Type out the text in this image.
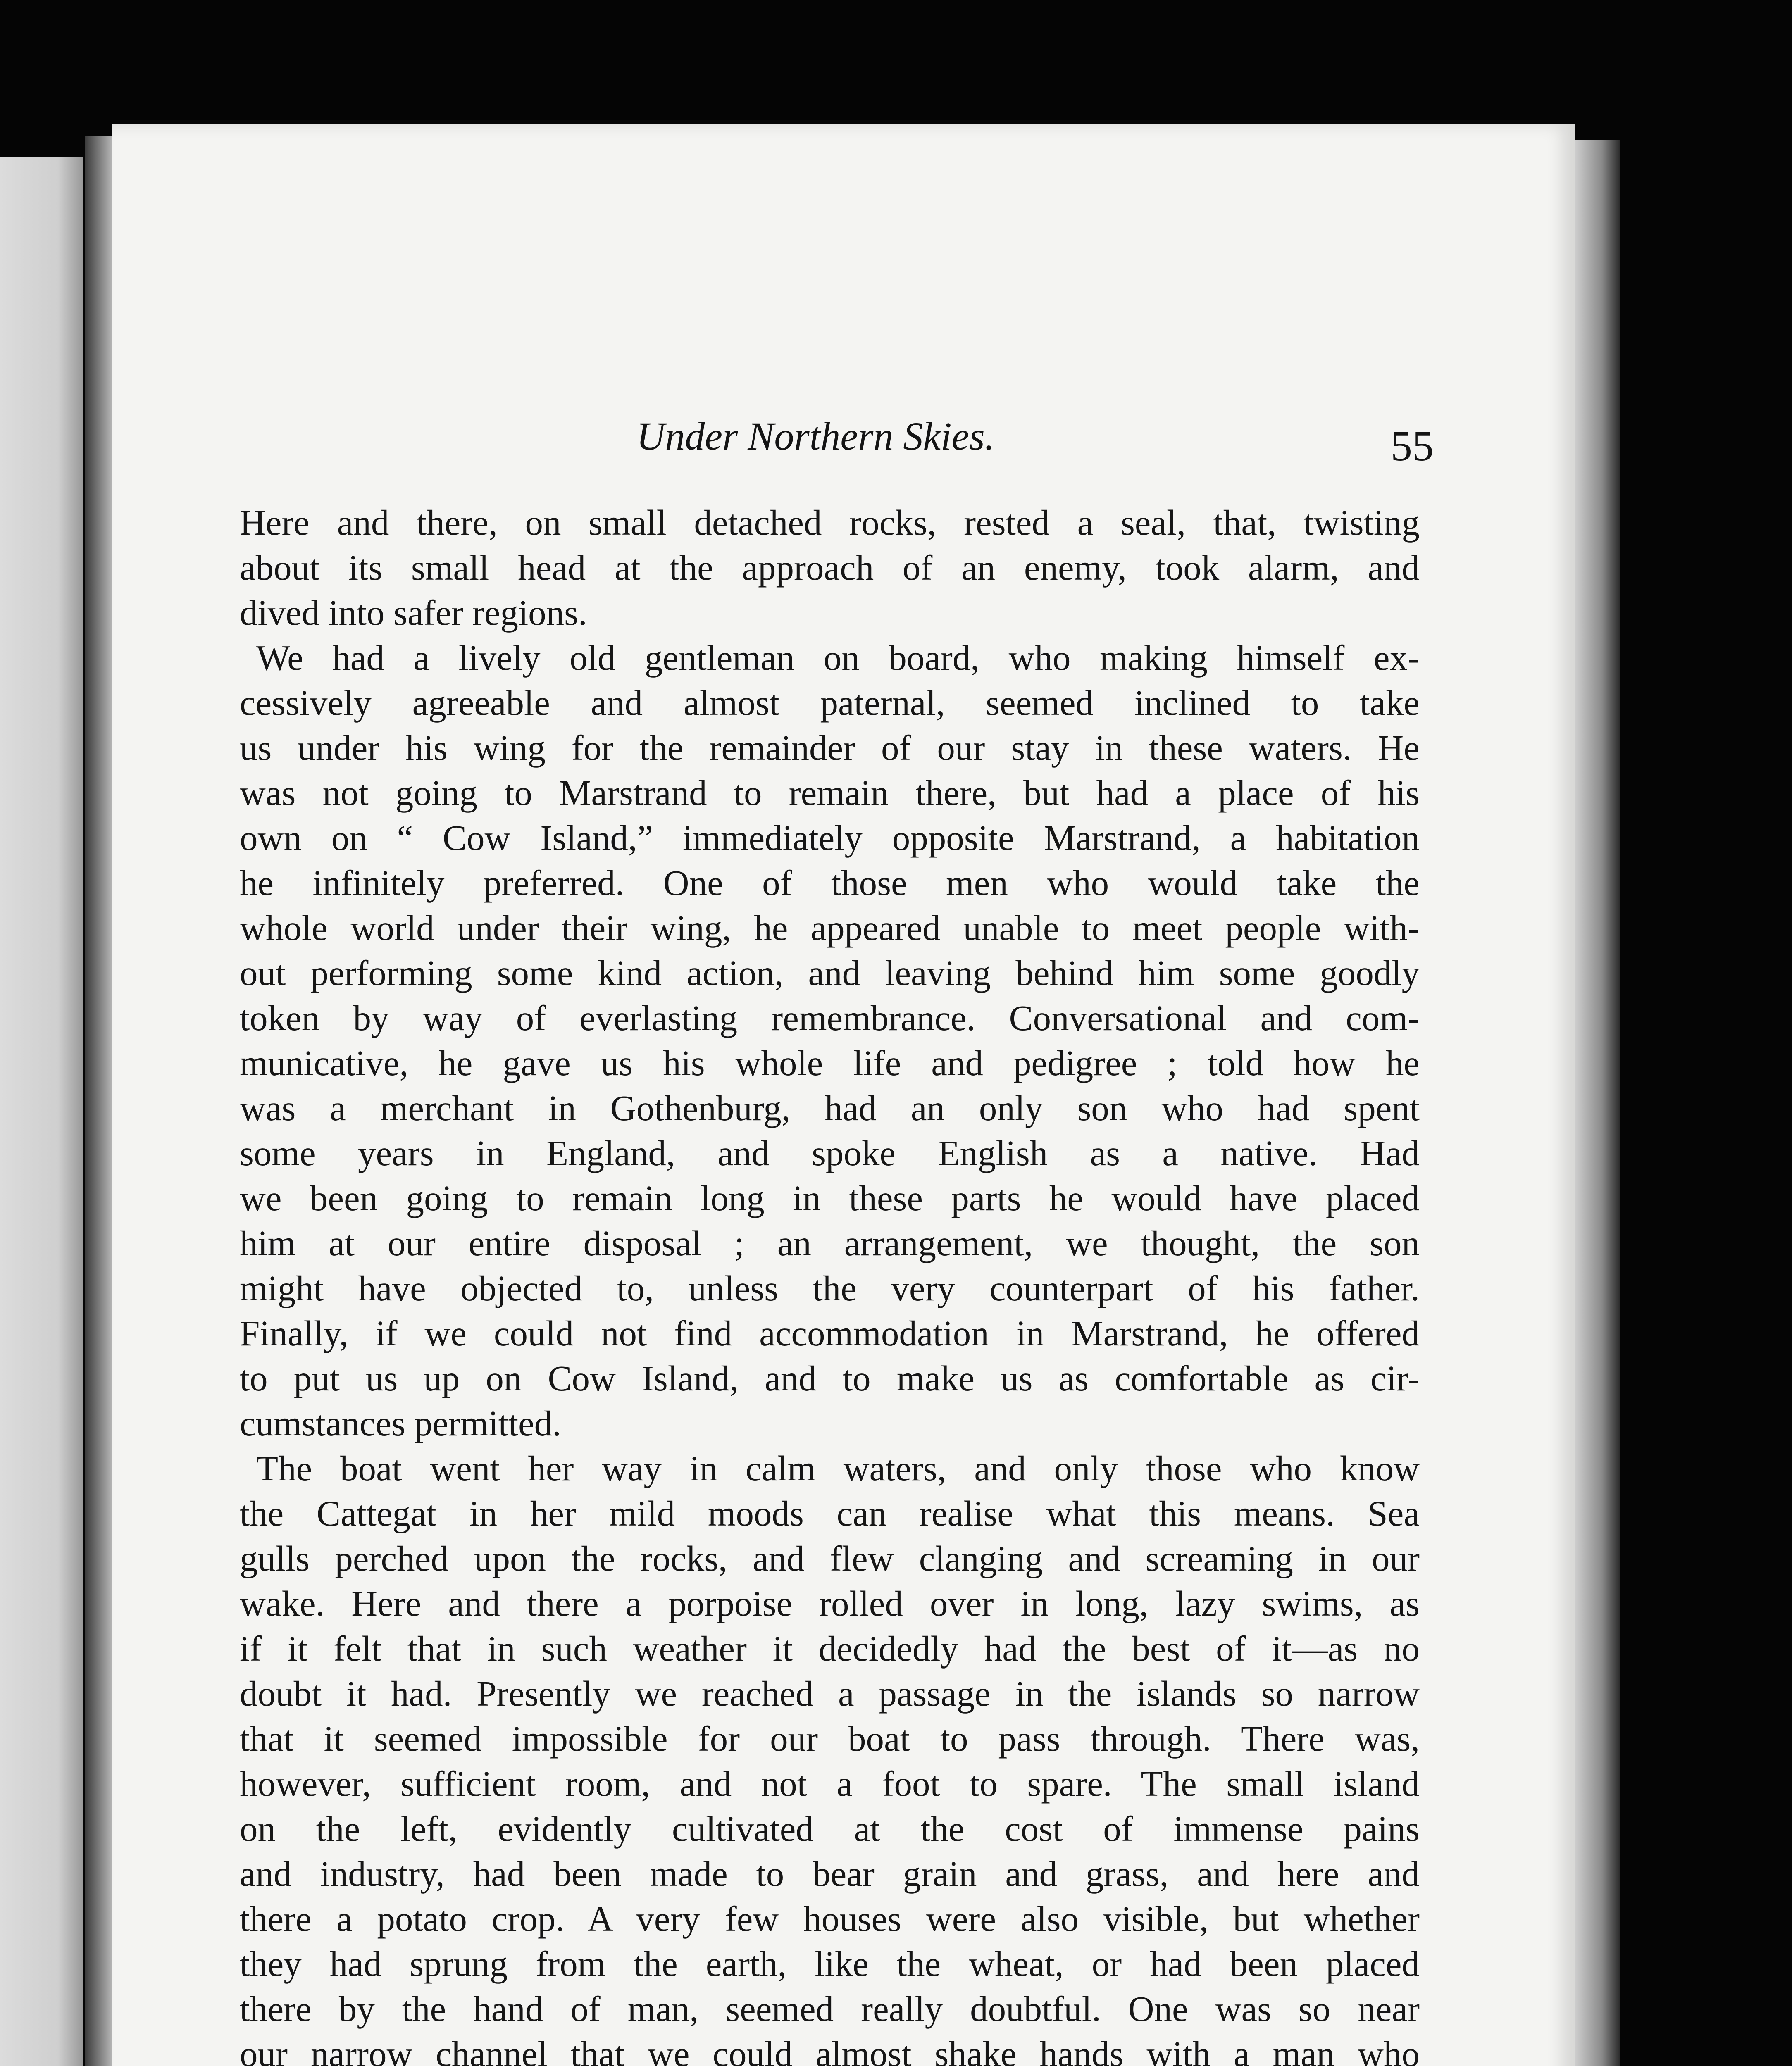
Under Northern Skies.	55

Here and there, on small detached rocks, rested a seal, that, twisting
about its small head at the approach of an enemy, took alarm, and
dived into safer regions.

We had a lively old gentleman on board, who making himself ex-
cessively agreeable and almost paternal, seemed inclined to take
us under his wing for the remainder of our stay in these waters. He
was not going to Marstrand to remain there, but had a place of his
own on “ Cow Island,” immediately opposite Marstrand, a habitation
he infinitely preferred. One of those men who would take the
whole world under their wing, he appeared unable to meet people with-
out performing some kind action, and leaving behind him some goodly
token by way of everlasting remembrance. Conversational and com-
municative, he gave us his whole life and pedigree ; told how he
was a merchant in Gothenburg, had an only son who had spent
some years in England, and spoke English as a native. Had
we been going to remain long in these parts he would have placed
him at our entire disposal ; an arrangement, we thought, the son
might have objected to, unless the very counterpart of his father.
Finally, if we could not find accommodation in Marstrand, he offered
to put us up on Cow Island, and to make us as comfortable as cir-
cumstances permitted.

The boat went her way in calm waters, and only those who know
the Cattegat in her mild moods can realise what this means. Sea
gulls perched upon the rocks, and flew clanging and screaming in our
wake. Here and there a porpoise rolled over in long, lazy swims, as
if it felt that in such weather it decidedly had the best of it—as no
doubt it had. Presently we reached a passage in the islands so narrow
that it seemed impossible for our boat to pass through. There was,
however, sufficient room, and not a foot to spare. The small island
on the left, evidently cultivated at the cost of immense pains
and industry, had been made to bear grain and grass, and here and
there a potato crop. A very few houses were also visible, but whether
they had sprung from the earth, like the wheat, or had been placed
there by the hand of man, seemed really doubtful. One was so near
our narrow channel that we could almost shake hands with a man who
